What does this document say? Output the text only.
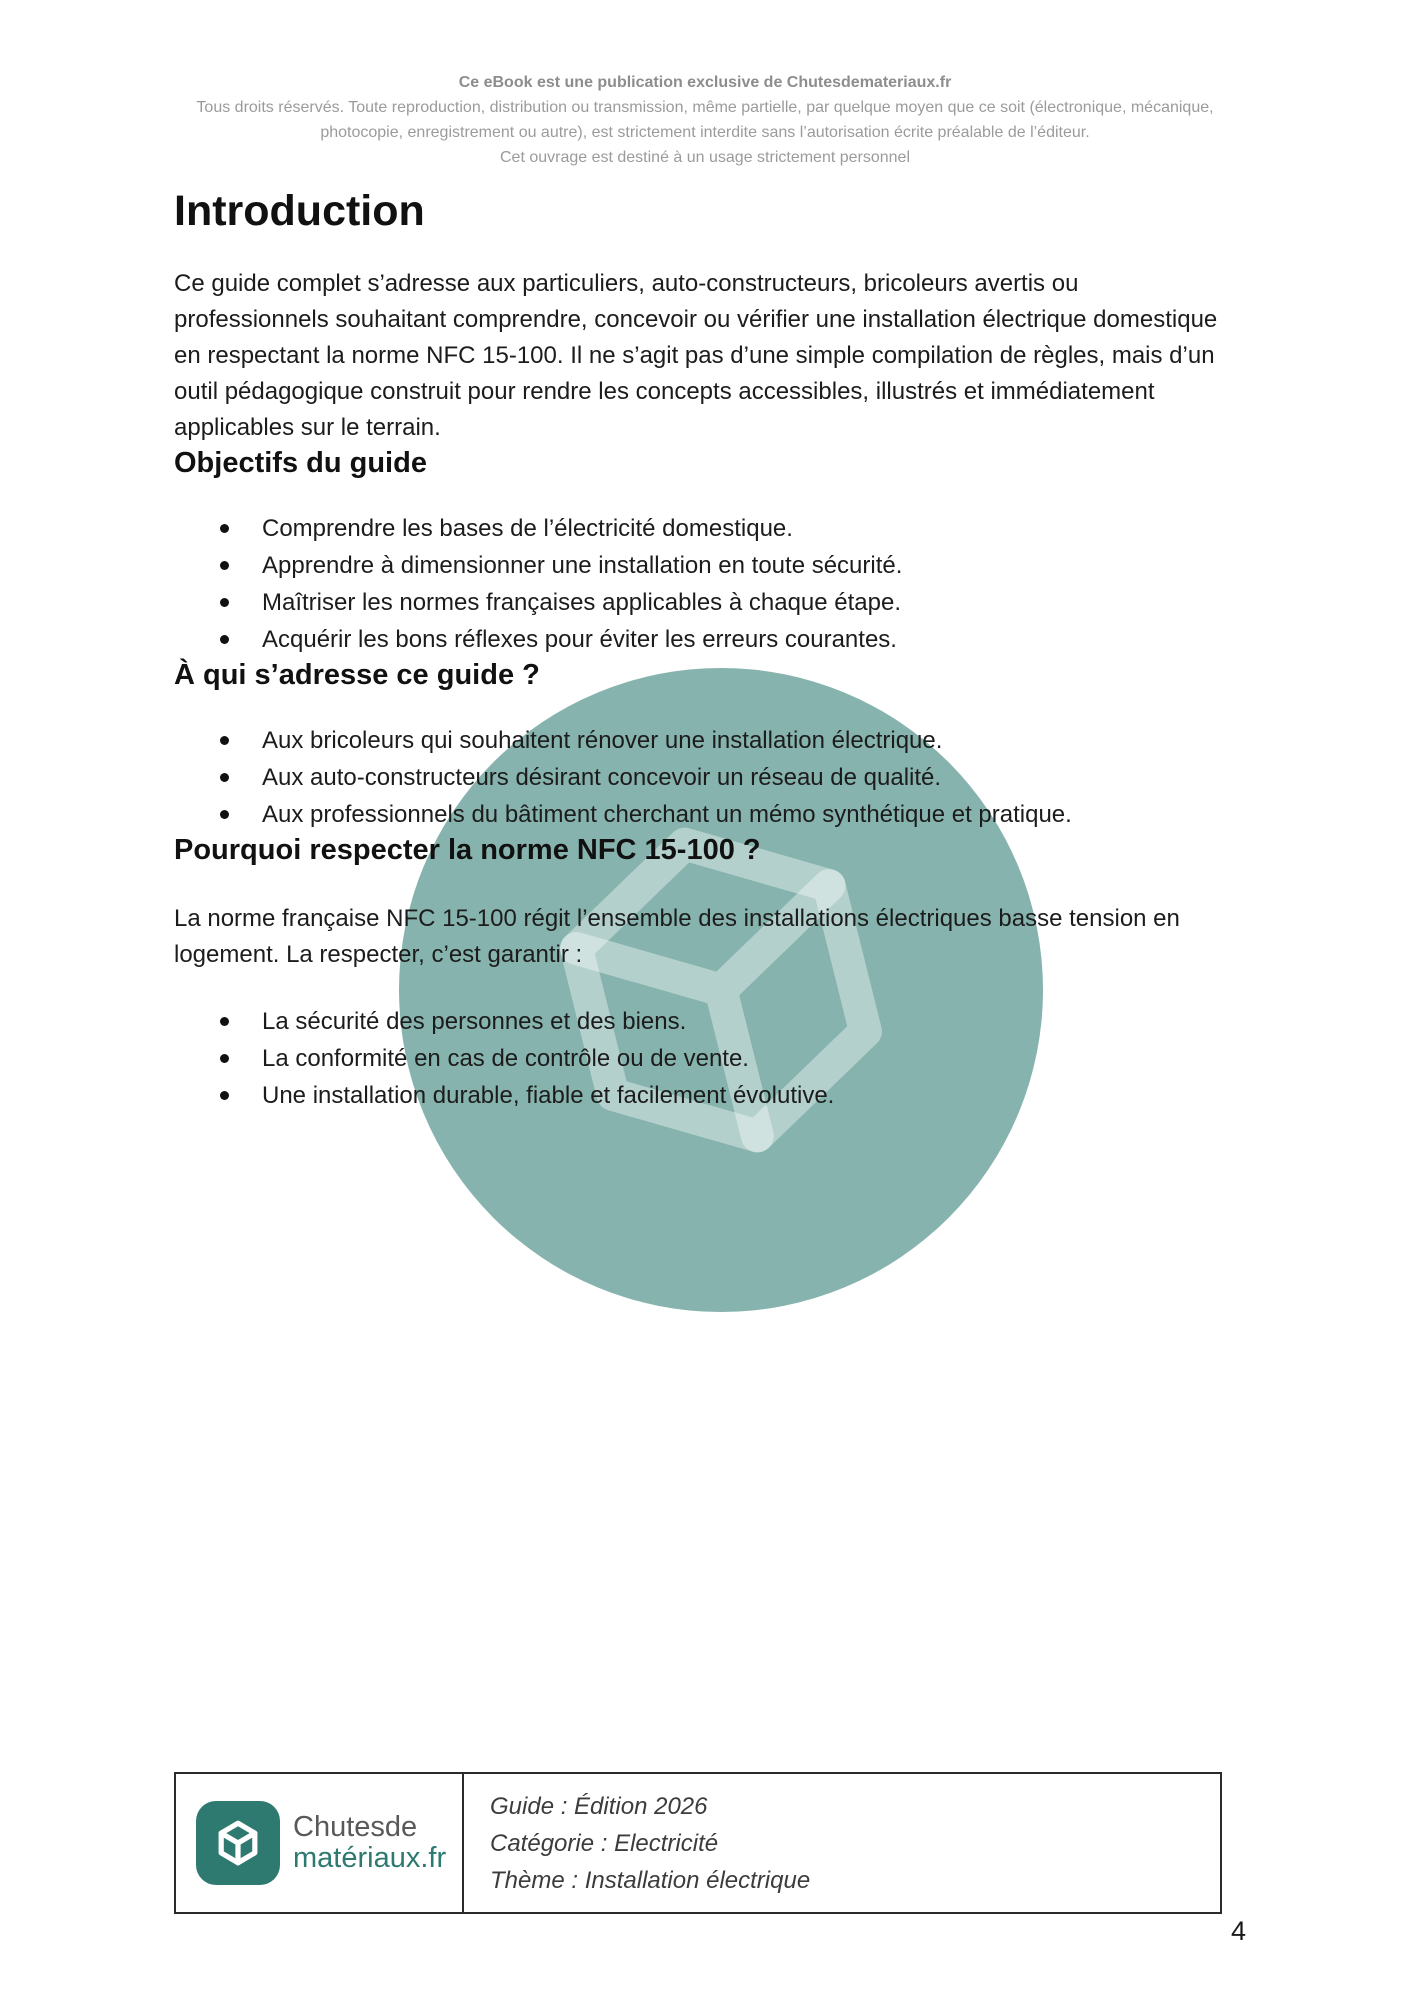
Ce eBook est une publication exclusive de Chutesdemateriaux.fr

Tous droits réservés. Toute reproduction, distribution ou transmission, même partielle, par quelque moyen que ce soit (électronique, mécanique,

photocopie, enregistrement ou autre), est strictement interdite sans l’autorisation écrite préalable de l’éditeur.

Cet ouvrage est destiné à un usage strictement personnel

Introduction

Ce guide complet s’adresse aux particuliers, auto-constructeurs, bricoleurs avertis ou professionnels souhaitant comprendre, concevoir ou vérifier une installation électrique domestique en respectant la norme NFC 15-100. Il ne s’agit pas d’une simple compilation de règles, mais d’un outil pédagogique construit pour rendre les concepts accessibles, illustrés et immédiatement applicables sur le terrain.

Objectifs du guide
Comprendre les bases de l’électricité domestique.
Apprendre à dimensionner une installation en toute sécurité.
Maîtriser les normes françaises applicables à chaque étape.
Acquérir les bons réflexes pour éviter les erreurs courantes.
À qui s’adresse ce guide ?
Aux bricoleurs qui souhaitent rénover une installation électrique.
Aux auto-constructeurs désirant concevoir un réseau de qualité.
Aux professionnels du bâtiment cherchant un mémo synthétique et pratique.
Pourquoi respecter la norme NFC 15-100 ?

La norme française NFC 15-100 régit l’ensemble des installations électriques basse tension en logement. La respecter, c’est garantir :

La sécurité des personnes et des biens.
La conformité en cas de contrôle ou de vente.
Une installation durable, fiable et facilement évolutive.
Chutesde
matériaux.fr

Guide : Édition 2026

Catégorie : Electricité

Thème : Installation électrique

4
